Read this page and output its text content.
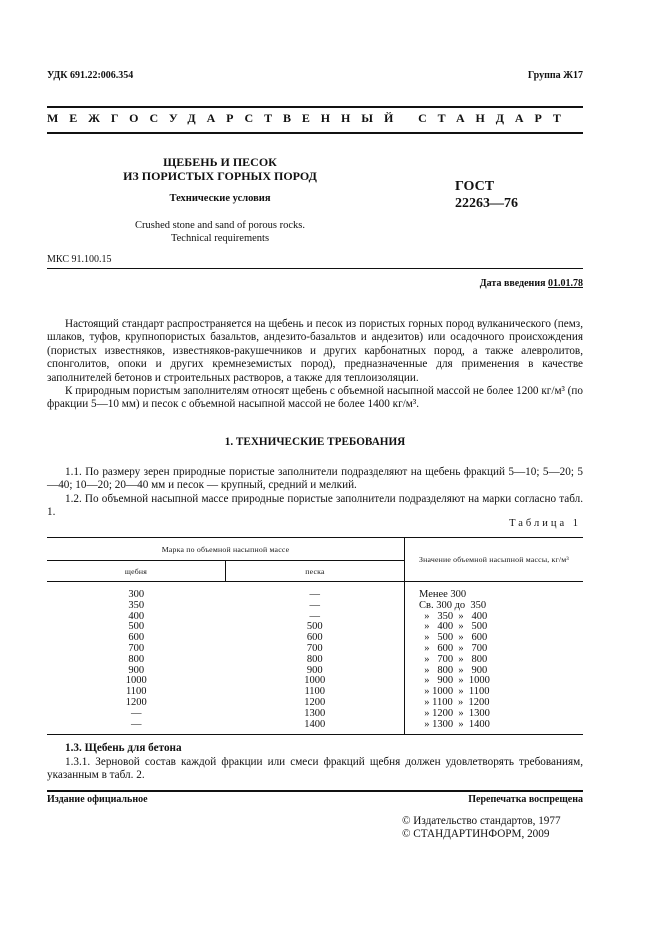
УДК 691.22:006.354	Группа Ж17
МЕЖГОСУДАРСТВЕННЫЙ СТАНДАРТ
ЩЕБЕНЬ И ПЕСОК
ИЗ ПОРИСТЫХ ГОРНЫХ ПОРОД
Технические условия
Crushed stone and sand of porous rocks.
Technical requirements
ГОСТ
22263—76
МКС 91.100.15
Дата введения 01.01.78

Настоящий стандарт распространяется на щебень и песок из пористых горных пород вулканического (пемз, шлаков, туфов, крупнопористых базальтов, андезито-базальтов и андезитов) или осадочного происхождения (пористых известняков, известняков-ракушечников и других карбонатных пород, а также алевролитов, спонголитов, опоки и других кремнеземистых пород), предназначенные для применения в качестве заполнителей бетонов и строительных растворов, а также для теплоизоляции.

К природным пористым заполнителям относят щебень с объемной насыпной массой не более 1200 кг/м³ (по фракции 5—10 мм) и песок с объемной насыпной массой не более 1400 кг/м³.

1. ТЕХНИЧЕСКИЕ ТРЕБОВАНИЯ

1.1. По размеру зерен природные пористые заполнители подразделяют на щебень фракций 5—10; 5—20; 5—40; 10—20; 20—40 мм и песок — крупный, средний и мелкий.

1.2. По объемной насыпной массе природные пористые заполнители подразделяют на марки согласно табл. 1.

Таблица 1
Марка по объемной насыпной массе		Значение объемной насыпной массы, кг/м³
щебня	песка	
300	—	Менее 300
350	—	Св. 300 до  350
400	—	»   350  »   400
500	500	»   400  »   500
600	600	»   500  »   600
700	700	»   600  »   700
800	800	»   700  »   800
900	900	»   800  »   900
1000	1000	»   900  »  1000
1100	1100	» 1000  »  1100
1200	1200	» 1100  »  1200
—	1300	» 1200  »  1300
—	1400	» 1300  »  1400
1.3. Щебень для бетона

1.3.1. Зерновой состав каждой фракции или смеси фракций щебня должен удовлетворять требованиям, указанным в табл. 2.

Издание официальное	Перепечатка воспрещена
© Издательство стандартов, 1977
© СТАНДАРТИНФОРМ, 2009
